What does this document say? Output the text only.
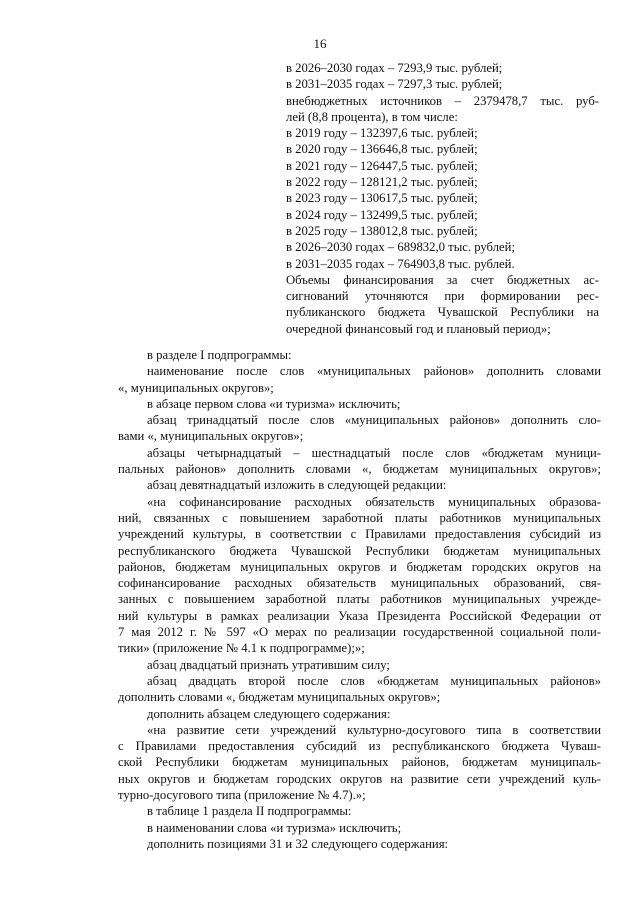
16
в 2026–2030 годах – 7293,9 тыс. рублей;
в 2031–2035 годах – 7297,3 тыс. рублей;
внебюджетных источников – 2379478,7 тыс. руб-
лей (8,8 процента), в том числе:
в 2019 году – 132397,6 тыс. рублей;
в 2020 году – 136646,8 тыс. рублей;
в 2021 году – 126447,5 тыс. рублей;
в 2022 году – 128121,2 тыс. рублей;
в 2023 году – 130617,5 тыс. рублей;
в 2024 году – 132499,5 тыс. рублей;
в 2025 году – 138012,8 тыс. рублей;
в 2026–2030 годах – 689832,0 тыс. рублей;
в 2031–2035 годах – 764903,8 тыс. рублей.
Объемы финансирования за счет бюджетных ас-
сигнований уточняются при формировании рес-
публиканского бюджета Чувашской Республики на
очередной финансовый год и плановый период»;
в разделе I подпрограммы:
наименование после слов «муниципальных районов» дополнить словами
«, муниципальных округов»;
в абзаце первом слова «и туризма» исключить;
абзац тринадцатый после слов «муниципальных районов» дополнить сло-
вами «, муниципальных округов»;
абзацы четырнадцатый – шестнадцатый после слов «бюджетам муници-
пальных районов» дополнить словами «, бюджетам муниципальных округов»;
абзац девятнадцатый изложить в следующей редакции:
«на софинансирование расходных обязательств муниципальных образова-
ний, связанных с повышением заработной платы работников муниципальных
учреждений культуры, в соответствии с Правилами предоставления субсидий из
республиканского бюджета Чувашской Республики бюджетам муниципальных
районов, бюджетам муниципальных округов и бюджетам городских округов на
софинансирование расходных обязательств муниципальных образований, свя-
занных с повышением заработной платы работников муниципальных учрежде-
ний культуры в рамках реализации Указа Президента Российской Федерации от
7 мая 2012 г. № 597 «О мерах по реализации государственной социальной поли-
тики» (приложение № 4.1 к подпрограмме);»;
абзац двадцатый признать утратившим силу;
абзац двадцать второй после слов «бюджетам муниципальных районов»
дополнить словами «, бюджетам муниципальных округов»;
дополнить абзацем следующего содержания:
«на развитие сети учреждений культурно-досугового типа в соответствии
с Правилами предоставления субсидий из республиканского бюджета Чуваш-
ской Республики бюджетам муниципальных районов, бюджетам муниципаль-
ных округов и бюджетам городских округов на развитие сети учреждений куль-
турно-досугового типа (приложение № 4.7).»;
в таблице 1 раздела II подпрограммы:
в наименовании слова «и туризма» исключить;
дополнить позициями 31 и 32 следующего содержания:
